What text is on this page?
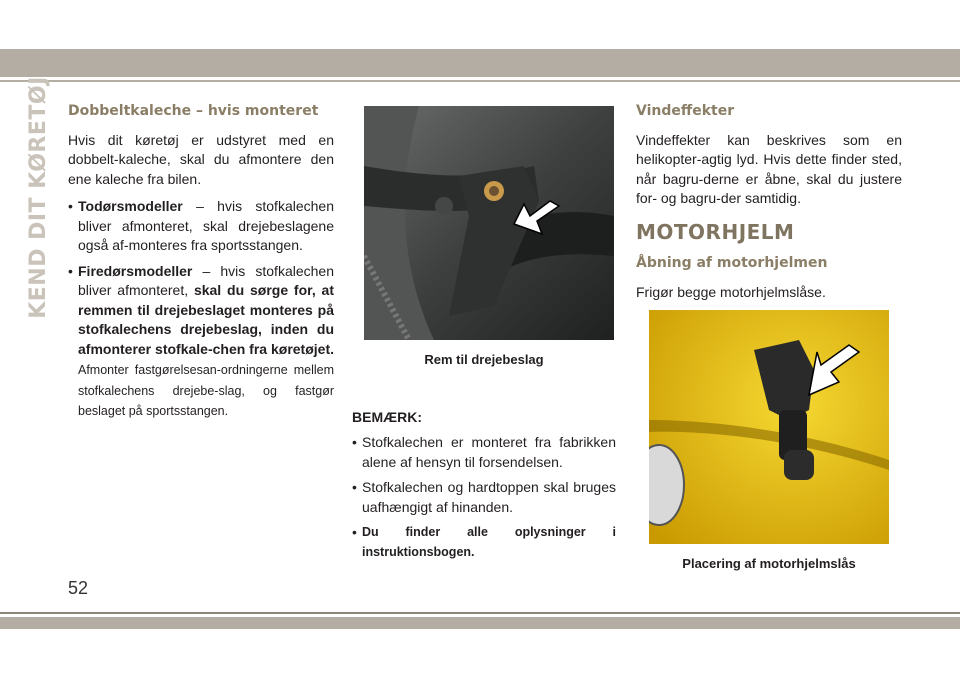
KEND DIT KØRETØJ Dobbeltkaleche – hvis monteret

Hvis dit køretøj er udstyret med en dobbelt-kaleche, skal du afmontere den ene kaleche fra bilen.

• Todørsmodeller – hvis stofkalechen bliver afmonteret, skal drejebeslagene også af-monteres fra sportsstangen.
• Firedørsmodeller – hvis stofkalechen bliver afmonteret, skal du sørge for, at remmen til drejebeslaget monteres på stofkalechens drejebeslag, inden du afmonterer stofkale-chen fra køretøjet. Afmonter fastgørelsesan-ordningerne mellem stofkalechens drejebe-slag, og fastgør beslaget på sportsstangen.
Rem til drejebeslag
BEMÆRK:
• Stofkalechen er monteret fra fabrikken alene af hensyn til forsendelsen.
• Stofkalechen og hardtoppen skal bruges uafhængigt af hinanden.
• Du finder alle oplysninger i instruktionsbogen.
Vindeffekter

Vindeffekter kan beskrives som en helikopter-agtig lyd. Hvis dette finder sted, når bagru-derne er åbne, skal du justere for- og bagru-der samtidig.

MOTORHJELM
Åbning af motorhjelmen

Frigør begge motorhjelmslåse.

Placering af motorhjelmslås
52
